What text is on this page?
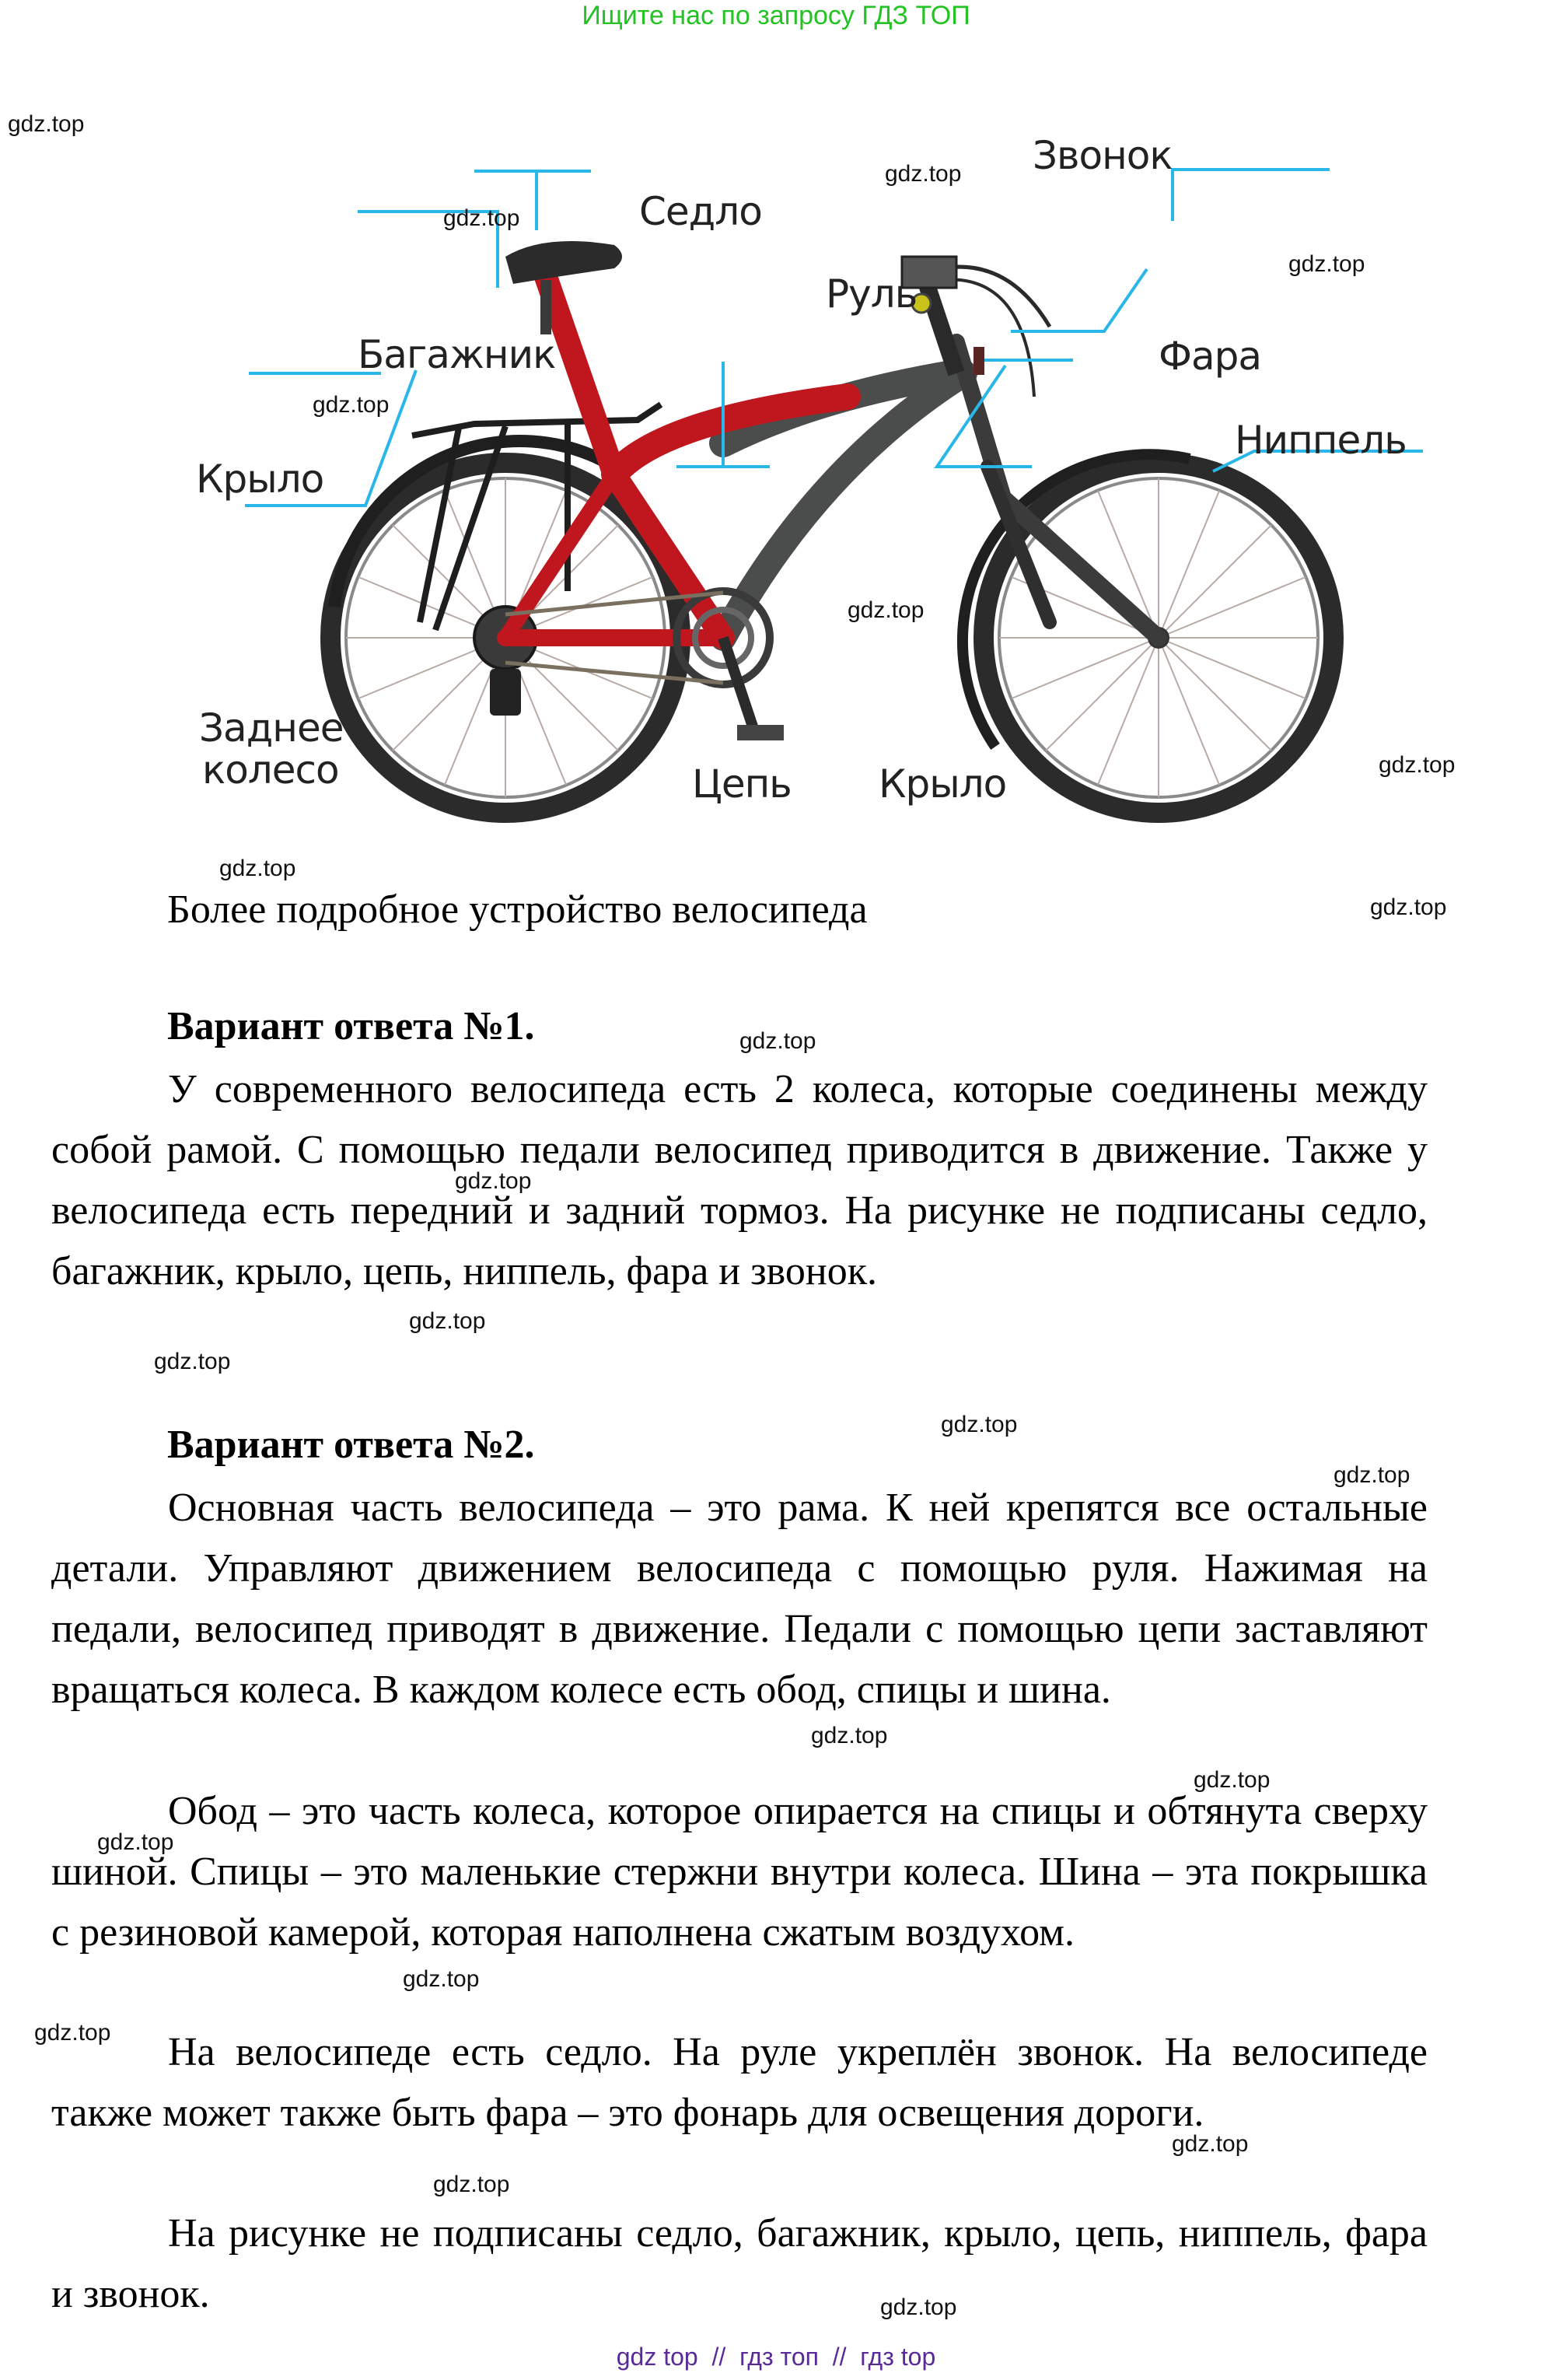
Ищите нас по запросу ГДЗ ТОП
Звонок
Седло
Руль
Багажник	Фара
Ниппель
Крыло
Заднее
колесо	Цепь Крыло
gdz.top
gdz.top
gdz.top
gdz.top
gdz.top
gdz.top
gdz.top
gdz.top
gdz.top
gdz.top
gdz.top
gdz.top
gdz.top
gdz.top
gdz.top
gdz.top
gdz.top
gdz.top
gdz.top
gdz.top
gdz.top
gdz.top
gdz.top
Более подробное устройство велосипеда
Вариант ответа №1.

У современного велосипеда есть 2 колеса, которые соединены между собой рамой. С помощью педали велосипед приводится в движение. Также у велосипеда есть передний и задний тормоз. На рисунке не подписаны седло, багажник, крыло, цепь, ниппель, фара и звонок.

Вариант ответа №2.

Основная часть велосипеда – это рама. К ней крепятся все остальные детали. Управляют движением велосипеда с помощью руля. Нажимая на педали, велосипед приводят в движение. Педали с помощью цепи заставляют вращаться колеса. В каждом колесе есть обод, спицы и шина.

Обод – это часть колеса, которое опирается на спицы и обтянута сверху шиной. Спицы – это маленькие стержни внутри колеса. Шина – эта покрышка с резиновой камерой, которая наполнена сжатым воздухом.

На велосипеде есть седло. На руле укреплён звонок. На велосипеде также может также быть фара – это фонарь для освещения дороги.

На рисунке не подписаны седло, багажник, крыло, цепь, ниппель, фара и звонок.

gdz top  //  гдз топ  //  гдз top
